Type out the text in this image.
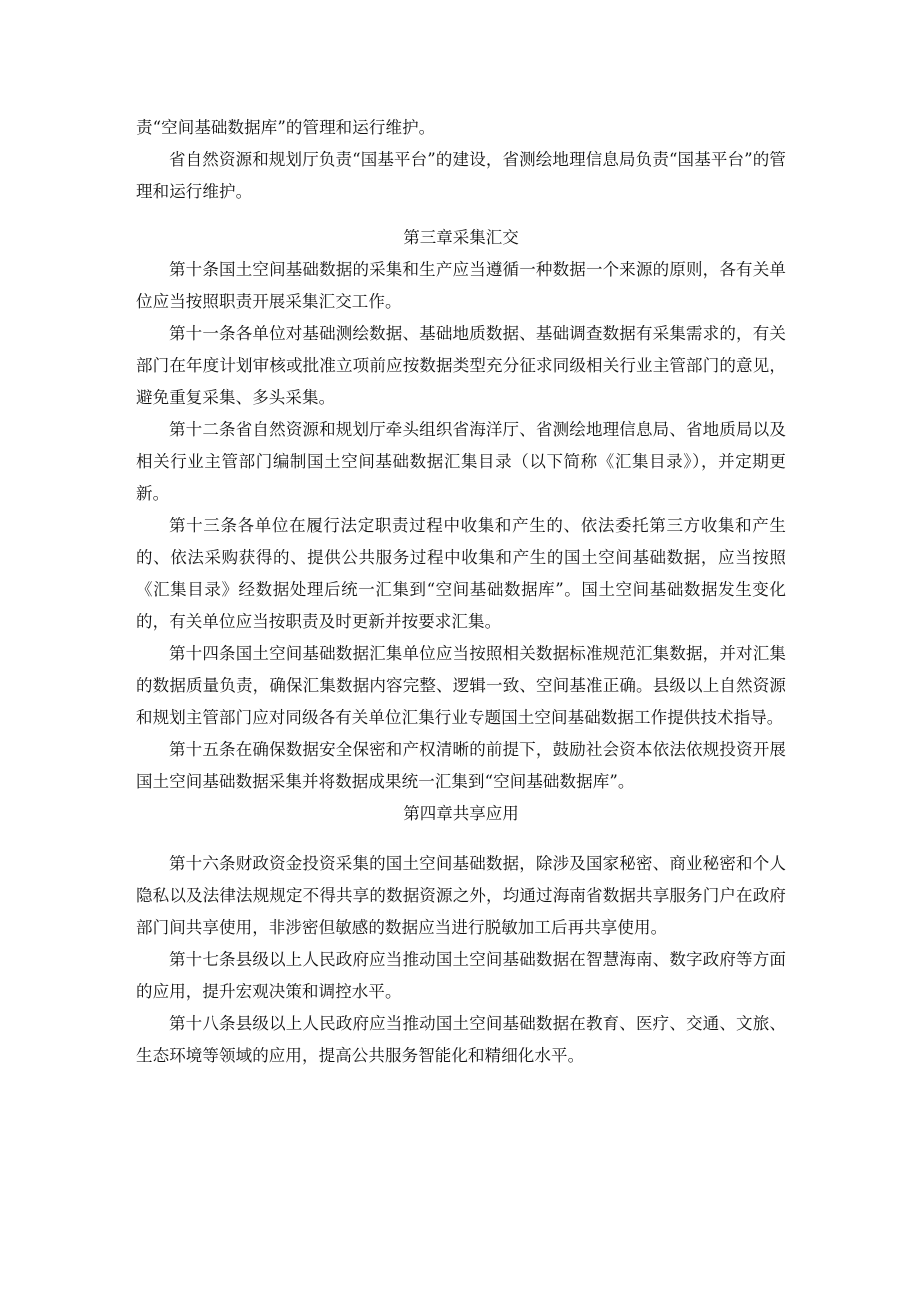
责“空间基础数据库”的管理和运行维护。

省自然资源和规划厅负责“国基平台”的建设，省测绘地理信息局负责“国基平台”的管理和运行维护。

第三章采集汇交

第十条国土空间基础数据的采集和生产应当遵循一种数据一个来源的原则，各有关单位应当按照职责开展采集汇交工作。

第十一条各单位对基础测绘数据、基础地质数据、基础调查数据有采集需求的，有关部门在年度计划审核或批准立项前应按数据类型充分征求同级相关行业主管部门的意见，避免重复采集、多头采集。

第十二条省自然资源和规划厅牵头组织省海洋厅、省测绘地理信息局、省地质局以及相关行业主管部门编制国土空间基础数据汇集目录（以下简称《汇集目录》），并定期更新。

第十三条各单位在履行法定职责过程中收集和产生的、依法委托第三方收集和产生的、依法采购获得的、提供公共服务过程中收集和产生的国土空间基础数据，应当按照《汇集目录》经数据处理后统一汇集到“空间基础数据库”。国土空间基础数据发生变化的，有关单位应当按职责及时更新并按要求汇集。

第十四条国土空间基础数据汇集单位应当按照相关数据标准规范汇集数据，并对汇集的数据质量负责，确保汇集数据内容完整、逻辑一致、空间基准正确。县级以上自然资源和规划主管部门应对同级各有关单位汇集行业专题国土空间基础数据工作提供技术指导。

第十五条在确保数据安全保密和产权清晰的前提下，鼓励社会资本依法依规投资开展国土空间基础数据采集并将数据成果统一汇集到“空间基础数据库”。

第四章共享应用

第十六条财政资金投资采集的国土空间基础数据，除涉及国家秘密、商业秘密和个人隐私以及法律法规规定不得共享的数据资源之外，均通过海南省数据共享服务门户在政府部门间共享使用，非涉密但敏感的数据应当进行脱敏加工后再共享使用。

第十七条县级以上人民政府应当推动国土空间基础数据在智慧海南、数字政府等方面的应用，提升宏观决策和调控水平。

第十八条县级以上人民政府应当推动国土空间基础数据在教育、医疗、交通、文旅、生态环境等领域的应用，提高公共服务智能化和精细化水平。
